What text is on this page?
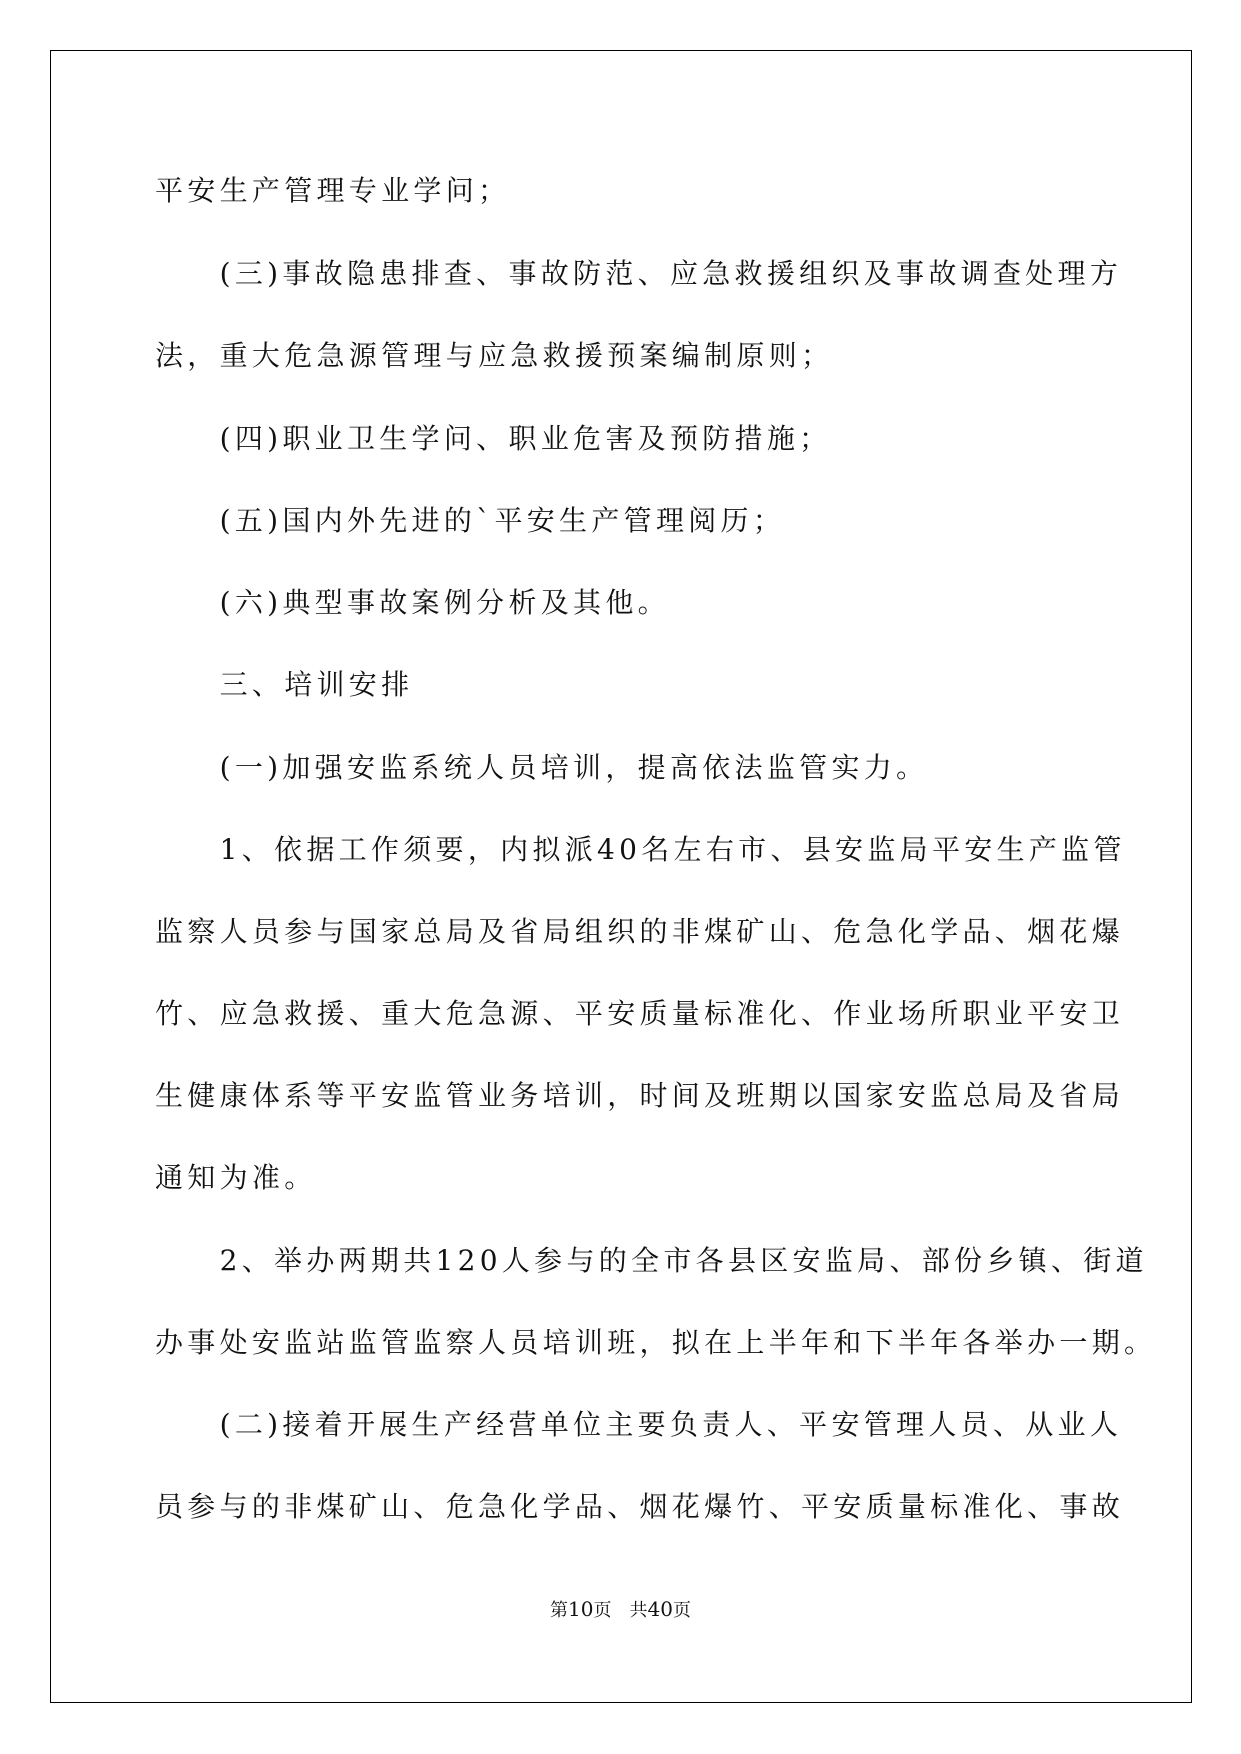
平安生产管理专业学问；
　　(三)事故隐患排查、事故防范、应急救援组织及事故调查处理方
法，重大危急源管理与应急救援预案编制原则；
　　(四)职业卫生学问、职业危害及预防措施；
　　(五)国内外先进的`平安生产管理阅历；
　　(六)典型事故案例分析及其他。
　　三、培训安排
　　(一)加强安监系统人员培训，提高依法监管实力。
　　1、依据工作须要，内拟派40名左右市、县安监局平安生产监管
监察人员参与国家总局及省局组织的非煤矿山、危急化学品、烟花爆
竹、应急救援、重大危急源、平安质量标准化、作业场所职业平安卫
生健康体系等平安监管业务培训，时间及班期以国家安监总局及省局
通知为准。
　　2、举办两期共120人参与的全市各县区安监局、部份乡镇、街道
办事处安监站监管监察人员培训班，拟在上半年和下半年各举办一期。
　　(二)接着开展生产经营单位主要负责人、平安管理人员、从业人
员参与的非煤矿山、危急化学品、烟花爆竹、平安质量标准化、事故
第10页　共40页
